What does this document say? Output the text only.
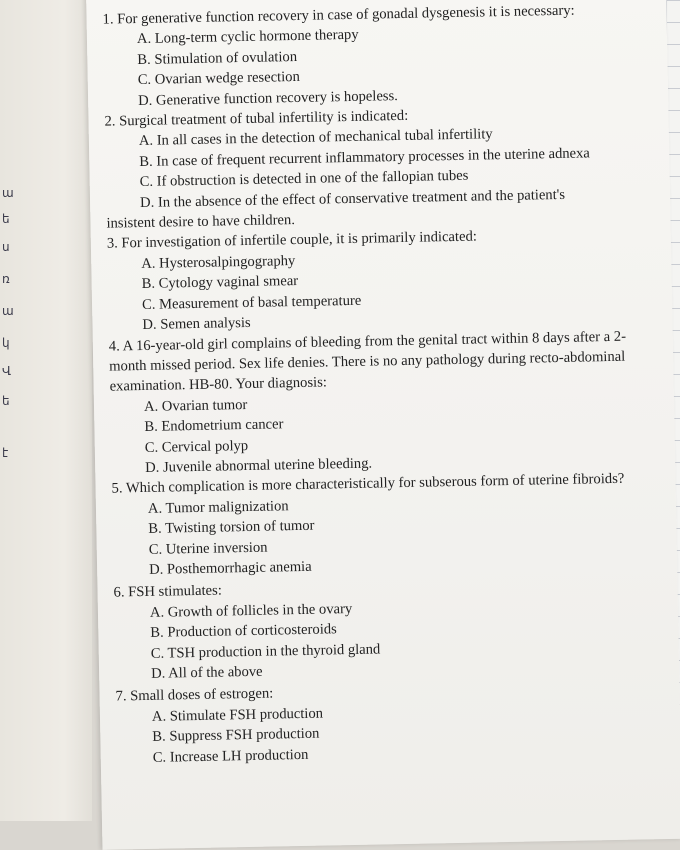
ա
ե
ս
ռ
ա
կ
Վ
ե
է
1. For generative function recovery in case of gonadal dysgenesis it is necessary:
A. Long-term cyclic hormone therapy
B. Stimulation of ovulation
C. Ovarian wedge resection
D. Generative function recovery is hopeless.
2. Surgical treatment of tubal infertility is indicated:
A. In all cases in the detection of mechanical tubal infertility
B. In case of frequent recurrent inflammatory processes in the uterine adnexa
C. If obstruction is detected in one of the fallopian tubes
D. In the absence of the effect of conservative treatment and the patient's
insistent desire to have children.
3. For investigation of infertile couple, it is primarily indicated:
A. Hysterosalpingography
B. Cytology vaginal smear
C. Measurement of basal temperature
D. Semen analysis
4. A 16-year-old girl complains of bleeding from the genital tract within 8 days after a 2-month missed period. Sex life denies. There is no any pathology during recto-abdominal examination. HB-80. Your diagnosis:
A. Ovarian tumor
B. Endometrium cancer
C. Cervical polyp
D. Juvenile abnormal uterine bleeding.
5. Which complication is more characteristically for subserous form of uterine fibroids?
A. Tumor malignization
B. Twisting torsion of tumor
C. Uterine inversion
D. Posthemorrhagic anemia
6. FSH stimulates:
A. Growth of follicles in the ovary
B. Production of corticosteroids
C. TSH production in the thyroid gland
D. All of the above
7. Small doses of estrogen:
A. Stimulate FSH production
B. Suppress FSH production
C. Increase LH production
